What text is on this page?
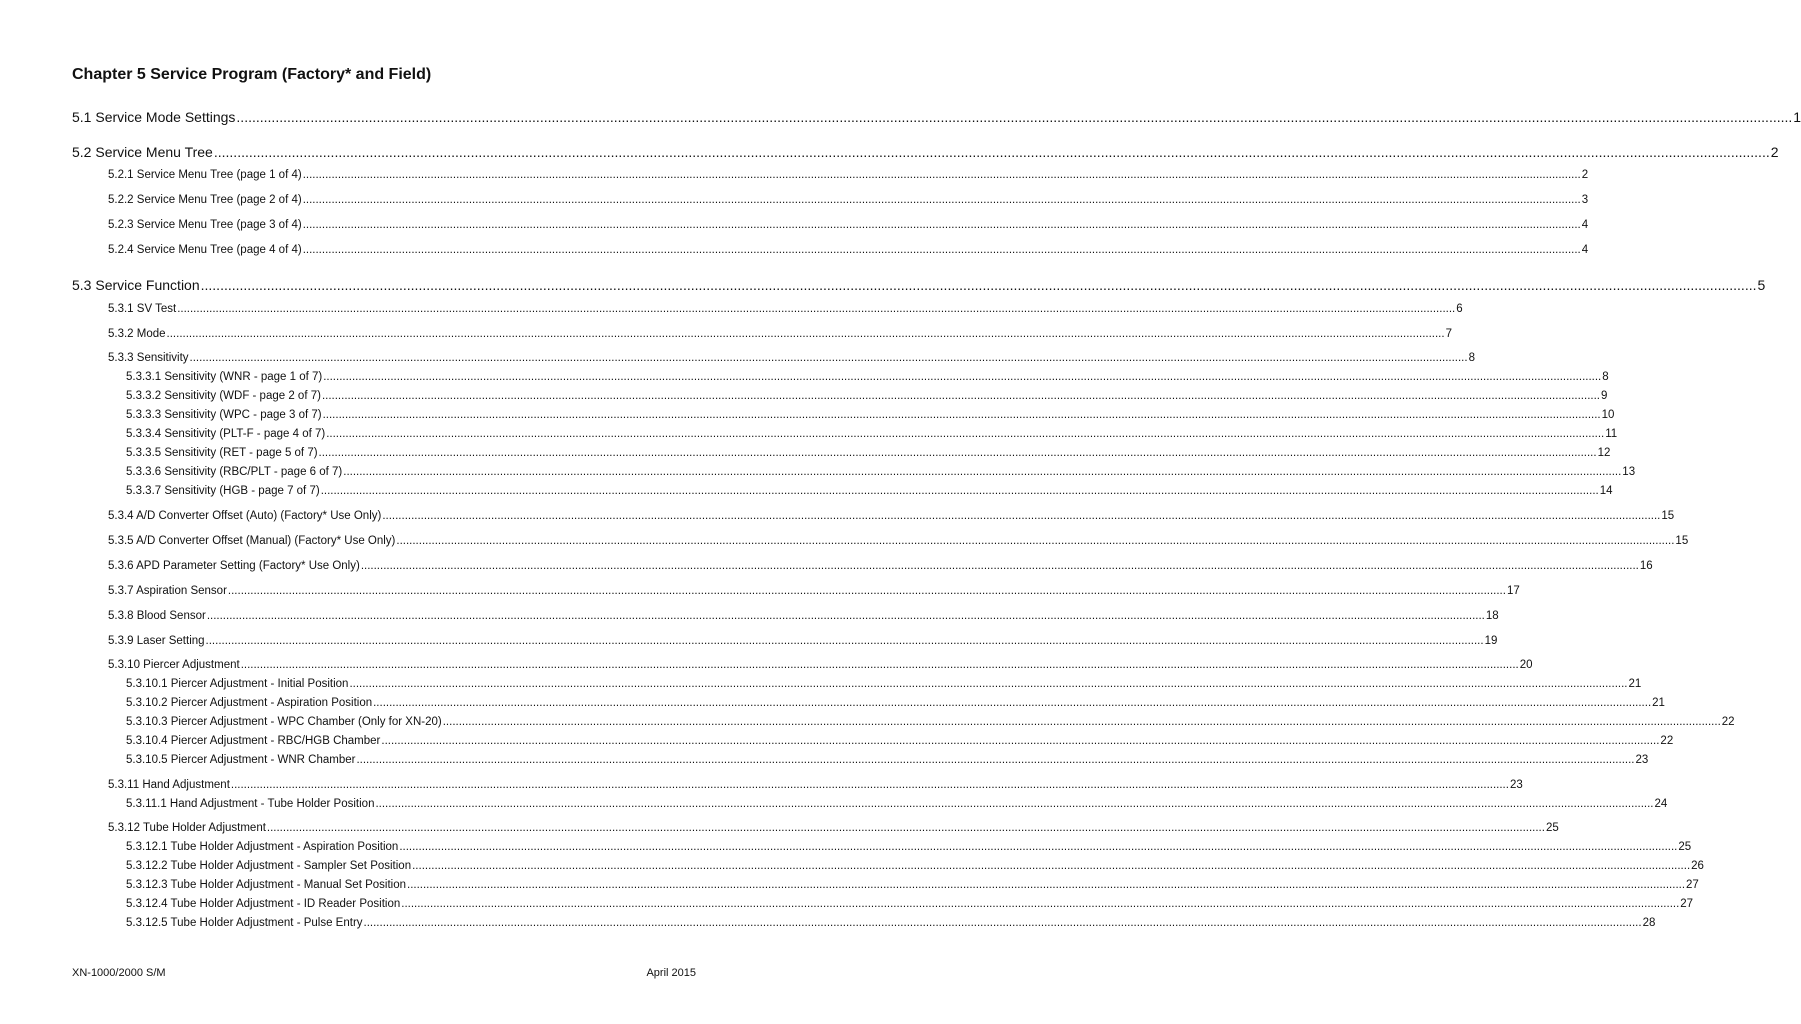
Chapter 5 Service Program (Factory* and Field)
5.1 Service Mode Settings ................................................................................................................................................................................................................................................................................................................................................................................................................ 1
5.2 Service Menu Tree ................................................................................................................................................................................................................................................................................................................................................................................................................ 2
5.2.1 Service Menu Tree (page 1 of 4) ................................................................................................................................................................................................................................................................................................................................................................................................................ 2
5.2.2 Service Menu Tree (page 2 of 4) ................................................................................................................................................................................................................................................................................................................................................................................................................ 3
5.2.3 Service Menu Tree (page 3 of 4) ................................................................................................................................................................................................................................................................................................................................................................................................................ 4
5.2.4 Service Menu Tree (page 4 of 4) ................................................................................................................................................................................................................................................................................................................................................................................................................ 4
5.3 Service Function ................................................................................................................................................................................................................................................................................................................................................................................................................ 5
5.3.1 SV Test ................................................................................................................................................................................................................................................................................................................................................................................................................ 6
5.3.2 Mode ................................................................................................................................................................................................................................................................................................................................................................................................................ 7
5.3.3 Sensitivity ................................................................................................................................................................................................................................................................................................................................................................................................................ 8
5.3.3.1 Sensitivity (WNR - page 1 of 7) ................................................................................................................................................................................................................................................................................................................................................................................................................ 8
5.3.3.2 Sensitivity (WDF - page 2 of 7) ................................................................................................................................................................................................................................................................................................................................................................................................................ 9
5.3.3.3 Sensitivity (WPC - page 3 of 7) ................................................................................................................................................................................................................................................................................................................................................................................................................ 10
5.3.3.4 Sensitivity (PLT-F - page 4 of 7) ................................................................................................................................................................................................................................................................................................................................................................................................................ 11
5.3.3.5 Sensitivity (RET - page 5 of 7) ................................................................................................................................................................................................................................................................................................................................................................................................................ 12
5.3.3.6 Sensitivity (RBC/PLT - page 6 of 7) ................................................................................................................................................................................................................................................................................................................................................................................................................ 13
5.3.3.7 Sensitivity (HGB - page 7 of 7) ................................................................................................................................................................................................................................................................................................................................................................................................................ 14
5.3.4 A/D Converter Offset (Auto) (Factory* Use Only) ................................................................................................................................................................................................................................................................................................................................................................................................................ 15
5.3.5 A/D Converter Offset (Manual) (Factory* Use Only) ................................................................................................................................................................................................................................................................................................................................................................................................................ 15
5.3.6 APD Parameter Setting (Factory* Use Only) ................................................................................................................................................................................................................................................................................................................................................................................................................ 16
5.3.7 Aspiration Sensor ................................................................................................................................................................................................................................................................................................................................................................................................................ 17
5.3.8 Blood Sensor ................................................................................................................................................................................................................................................................................................................................................................................................................ 18
5.3.9 Laser Setting ................................................................................................................................................................................................................................................................................................................................................................................................................ 19
5.3.10 Piercer Adjustment ................................................................................................................................................................................................................................................................................................................................................................................................................ 20
5.3.10.1 Piercer Adjustment - Initial Position ................................................................................................................................................................................................................................................................................................................................................................................................................ 21
5.3.10.2 Piercer Adjustment - Aspiration Position ................................................................................................................................................................................................................................................................................................................................................................................................................ 21
5.3.10.3 Piercer Adjustment - WPC Chamber (Only for XN-20) ................................................................................................................................................................................................................................................................................................................................................................................................................ 22
5.3.10.4 Piercer Adjustment - RBC/HGB Chamber ................................................................................................................................................................................................................................................................................................................................................................................................................ 22
5.3.10.5 Piercer Adjustment - WNR Chamber ................................................................................................................................................................................................................................................................................................................................................................................................................ 23
5.3.11 Hand Adjustment ................................................................................................................................................................................................................................................................................................................................................................................................................ 23
5.3.11.1 Hand Adjustment - Tube Holder Position ................................................................................................................................................................................................................................................................................................................................................................................................................ 24
5.3.12 Tube Holder Adjustment ................................................................................................................................................................................................................................................................................................................................................................................................................ 25
5.3.12.1 Tube Holder Adjustment - Aspiration Position ................................................................................................................................................................................................................................................................................................................................................................................................................ 25
5.3.12.2 Tube Holder Adjustment - Sampler Set Position ................................................................................................................................................................................................................................................................................................................................................................................................................ 26
5.3.12.3 Tube Holder Adjustment - Manual Set Position ................................................................................................................................................................................................................................................................................................................................................................................................................ 27
5.3.12.4 Tube Holder Adjustment - ID Reader Position ................................................................................................................................................................................................................................................................................................................................................................................................................ 27
5.3.12.5 Tube Holder Adjustment - Pulse Entry ................................................................................................................................................................................................................................................................................................................................................................................................................ 28
XN-1000/2000 S/M	April 2015
